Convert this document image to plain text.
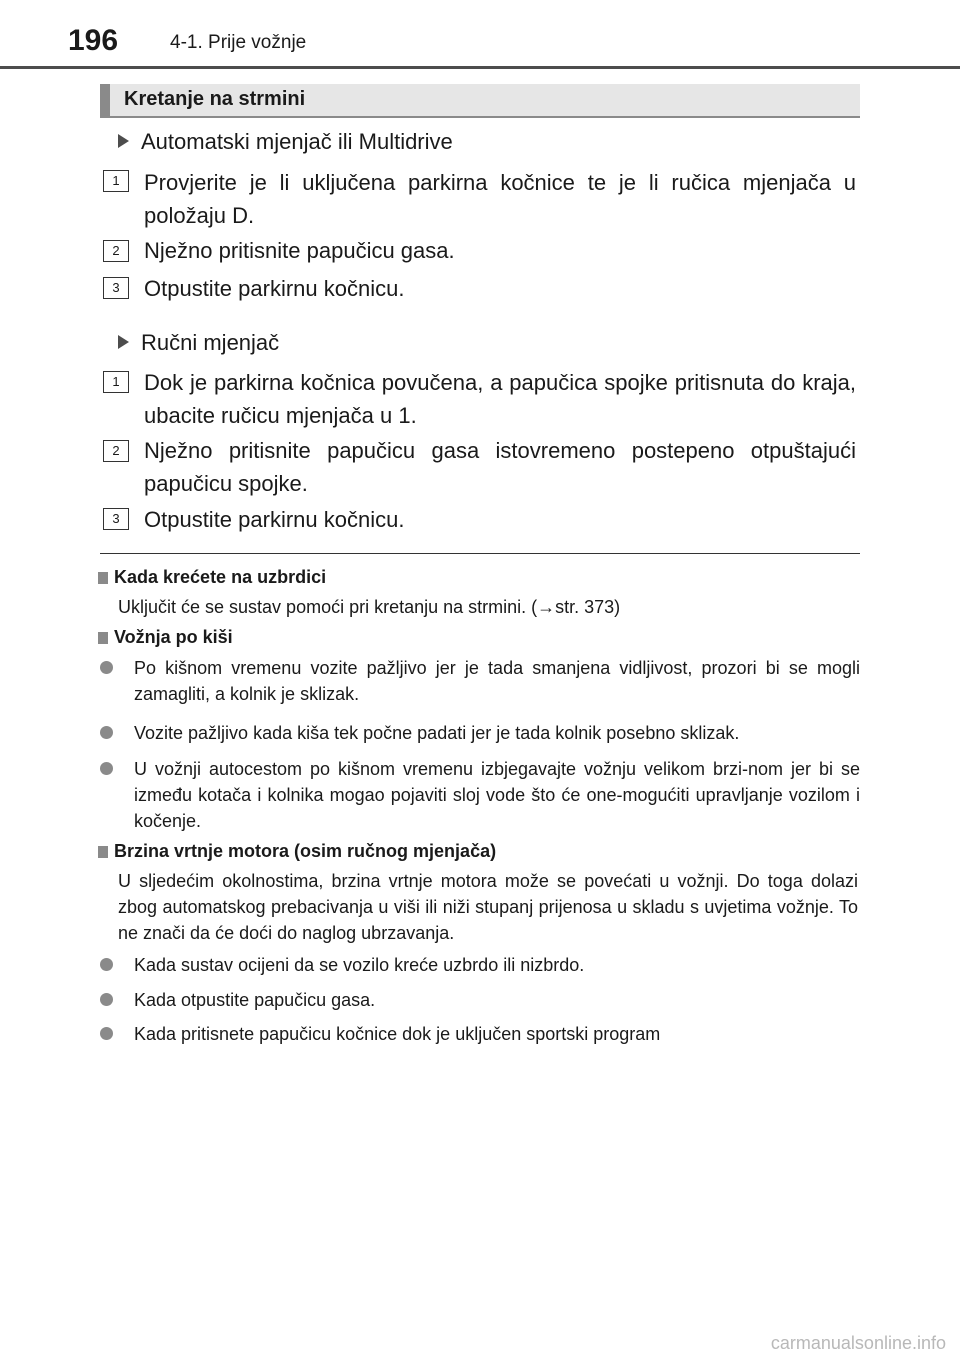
196	4-1. Prije vožnje
Kretanje na strmini
Automatski mjenjač ili Multidrive
1	Provjerite je li uključena parkirna kočnice te je li ručica mjenjača u položaju D.
2	Nježno pritisnite papučicu gasa.
3	Otpustite parkirnu kočnicu.
Ručni mjenjač
1	Dok je parkirna kočnica povučena, a papučica spojke pritisnuta do kraja, ubacite ručicu mjenjača u 1.
2	Nježno pritisnite papučicu gasa istovremeno postepeno otpuštajući papučicu spojke.
3	Otpustite parkirnu kočnicu.
Kada krećete na uzbrdici
Uključit će se sustav pomoći pri kretanju na strmini. (→str. 373)
Vožnja po kiši
Po kišnom vremenu vozite pažljivo jer je tada smanjena vidljivost, prozori bi se mogli zamagliti, a kolnik je sklizak.
Vozite pažljivo kada kiša tek počne padati jer je tada kolnik posebno sklizak.
U vožnji autocestom po kišnom vremenu izbjegavajte vožnju velikom brzi-nom jer bi se između kotača i kolnika mogao pojaviti sloj vode što će one-mogućiti upravljanje vozilom i kočenje.
Brzina vrtnje motora (osim ručnog mjenjača)
U sljedećim okolnostima, brzina vrtnje motora može se povećati u vožnji. Do toga dolazi zbog automatskog prebacivanja u viši ili niži stupanj prijenosa u skladu s uvjetima vožnje. To ne znači da će doći do naglog ubrzavanja.
Kada sustav ocijeni da se vozilo kreće uzbrdo ili nizbrdo.
Kada otpustite papučicu gasa.
Kada pritisnete papučicu kočnice dok je uključen sportski program
carmanualsonline.info
